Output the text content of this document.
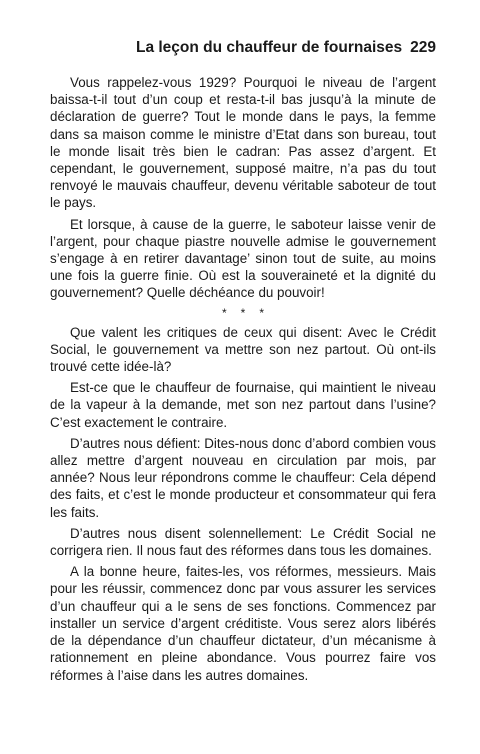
La leçon du chauffeur de fournaises 229

Vous rappelez-vous 1929? Pourquoi le niveau de l’argent baissa-t-il tout d’un coup et resta-t-il bas jusqu’à la minute de déclaration de guerre? Tout le monde dans le pays, la femme dans sa maison comme le ministre d’Etat dans son bureau, tout le monde lisait très bien le cadran: Pas assez d’argent. Et cependant, le gouvernement, supposé maitre, n’a pas du tout renvoyé le mauvais chauffeur, devenu véritable saboteur de tout le pays.

Et lorsque, à cause de la guerre, le saboteur laisse venir de l’argent, pour chaque piastre nouvelle admise le gouvernement s’engage à en retirer davantage’ sinon tout de suite, au moins une fois la guerre finie. Où est la souveraineté et la dignité du gouvernement? Quelle déchéance du pouvoir!

***

Que valent les critiques de ceux qui disent: Avec le Crédit Social, le gouvernement va mettre son nez partout. Où ont-ils trouvé cette idée-là?

Est-ce que le chauffeur de fournaise, qui maintient le niveau de la vapeur à la demande, met son nez partout dans l’usine? C’est exactement le contraire.

D’autres nous défient: Dites-nous donc d’abord combien vous allez mettre d’argent nouveau en circulation par mois, par année? Nous leur répondrons comme le chauffeur: Cela dépend des faits, et c’est le monde producteur et consommateur qui fera les faits.

D’autres nous disent solennellement: Le Crédit Social ne corrigera rien. Il nous faut des réformes dans tous les domaines.

A la bonne heure, faites-les, vos réformes, messieurs. Mais pour les réussir, commencez donc par vous assurer les services d’un chauffeur qui a le sens de ses fonctions. Commencez par installer un service d’argent créditiste. Vous serez alors libérés de la dépendance d’un chauffeur dictateur, d’un mécanisme à rationnement en pleine abondance. Vous pourrez faire vos réformes à l’aise dans les autres domaines.
